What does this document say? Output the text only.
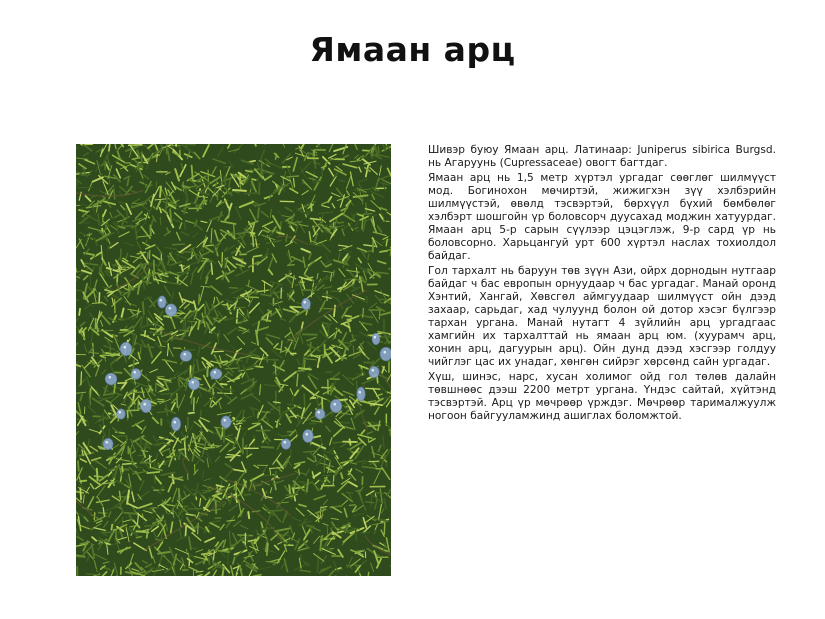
Ямаан арц

Шивэр буюу Ямаан арц. Латинаар: Juniperus sibirica Burgsd. нь Агаруунь (Cupressaceae) овогт багтдаг.

Ямаан арц нь 1,5 метр хүртэл ургадаг сөөглөг шилмүүст мод. Богинохон мөчиртэй, жижигхэн зүү хэлбэрийн шилмүүстэй, өвөлд тэсвэртэй, бөрхүүл бүхий бөмбөлөг хэлбэрт шошгойн үр боловсорч дуусахад моджин хатуурдаг. Ямаан арц 5-р сарын сүүлээр цэцэглэж, 9-р сард үр нь боловсорно. Харьцангуй урт 600 хүртэл наслах тохиолдол байдаг.

Гол тархалт нь баруун төв зүүн Ази, ойрх дорнодын нутгаар байдаг ч бас европын орнуудаар ч бас ургадаг. Манай оронд Хэнтий, Хангай, Хөвсгөл аймгуудаар шилмүүст ойн дээд захаар, сарьдаг, хад чулуунд болон ой дотор хэсэг бүлгээр тархан ургана. Манай нутагт 4 зүйлийн арц ургадгаас хамгийн их тархалттай нь ямаан арц юм. (хуурамч арц, хонин арц, дагуурын арц). Ойн дунд дээд хэсгээр голдуу чийглэг цас их унадаг, хөнгөн сийрэг хөрсөнд сайн ургадаг.

Хүш, шинэс, нарс, хусан холимог ойд гол төлөв далайн төвшнөөс дээш 2200 метрт ургана. Үндэс сайтай, хүйтэнд тэсвэртэй. Арц үр мөчрөөр үрждэг. Мөчрөөр тарималжуулж ногоон байгууламжинд ашиглах боломжтой.
